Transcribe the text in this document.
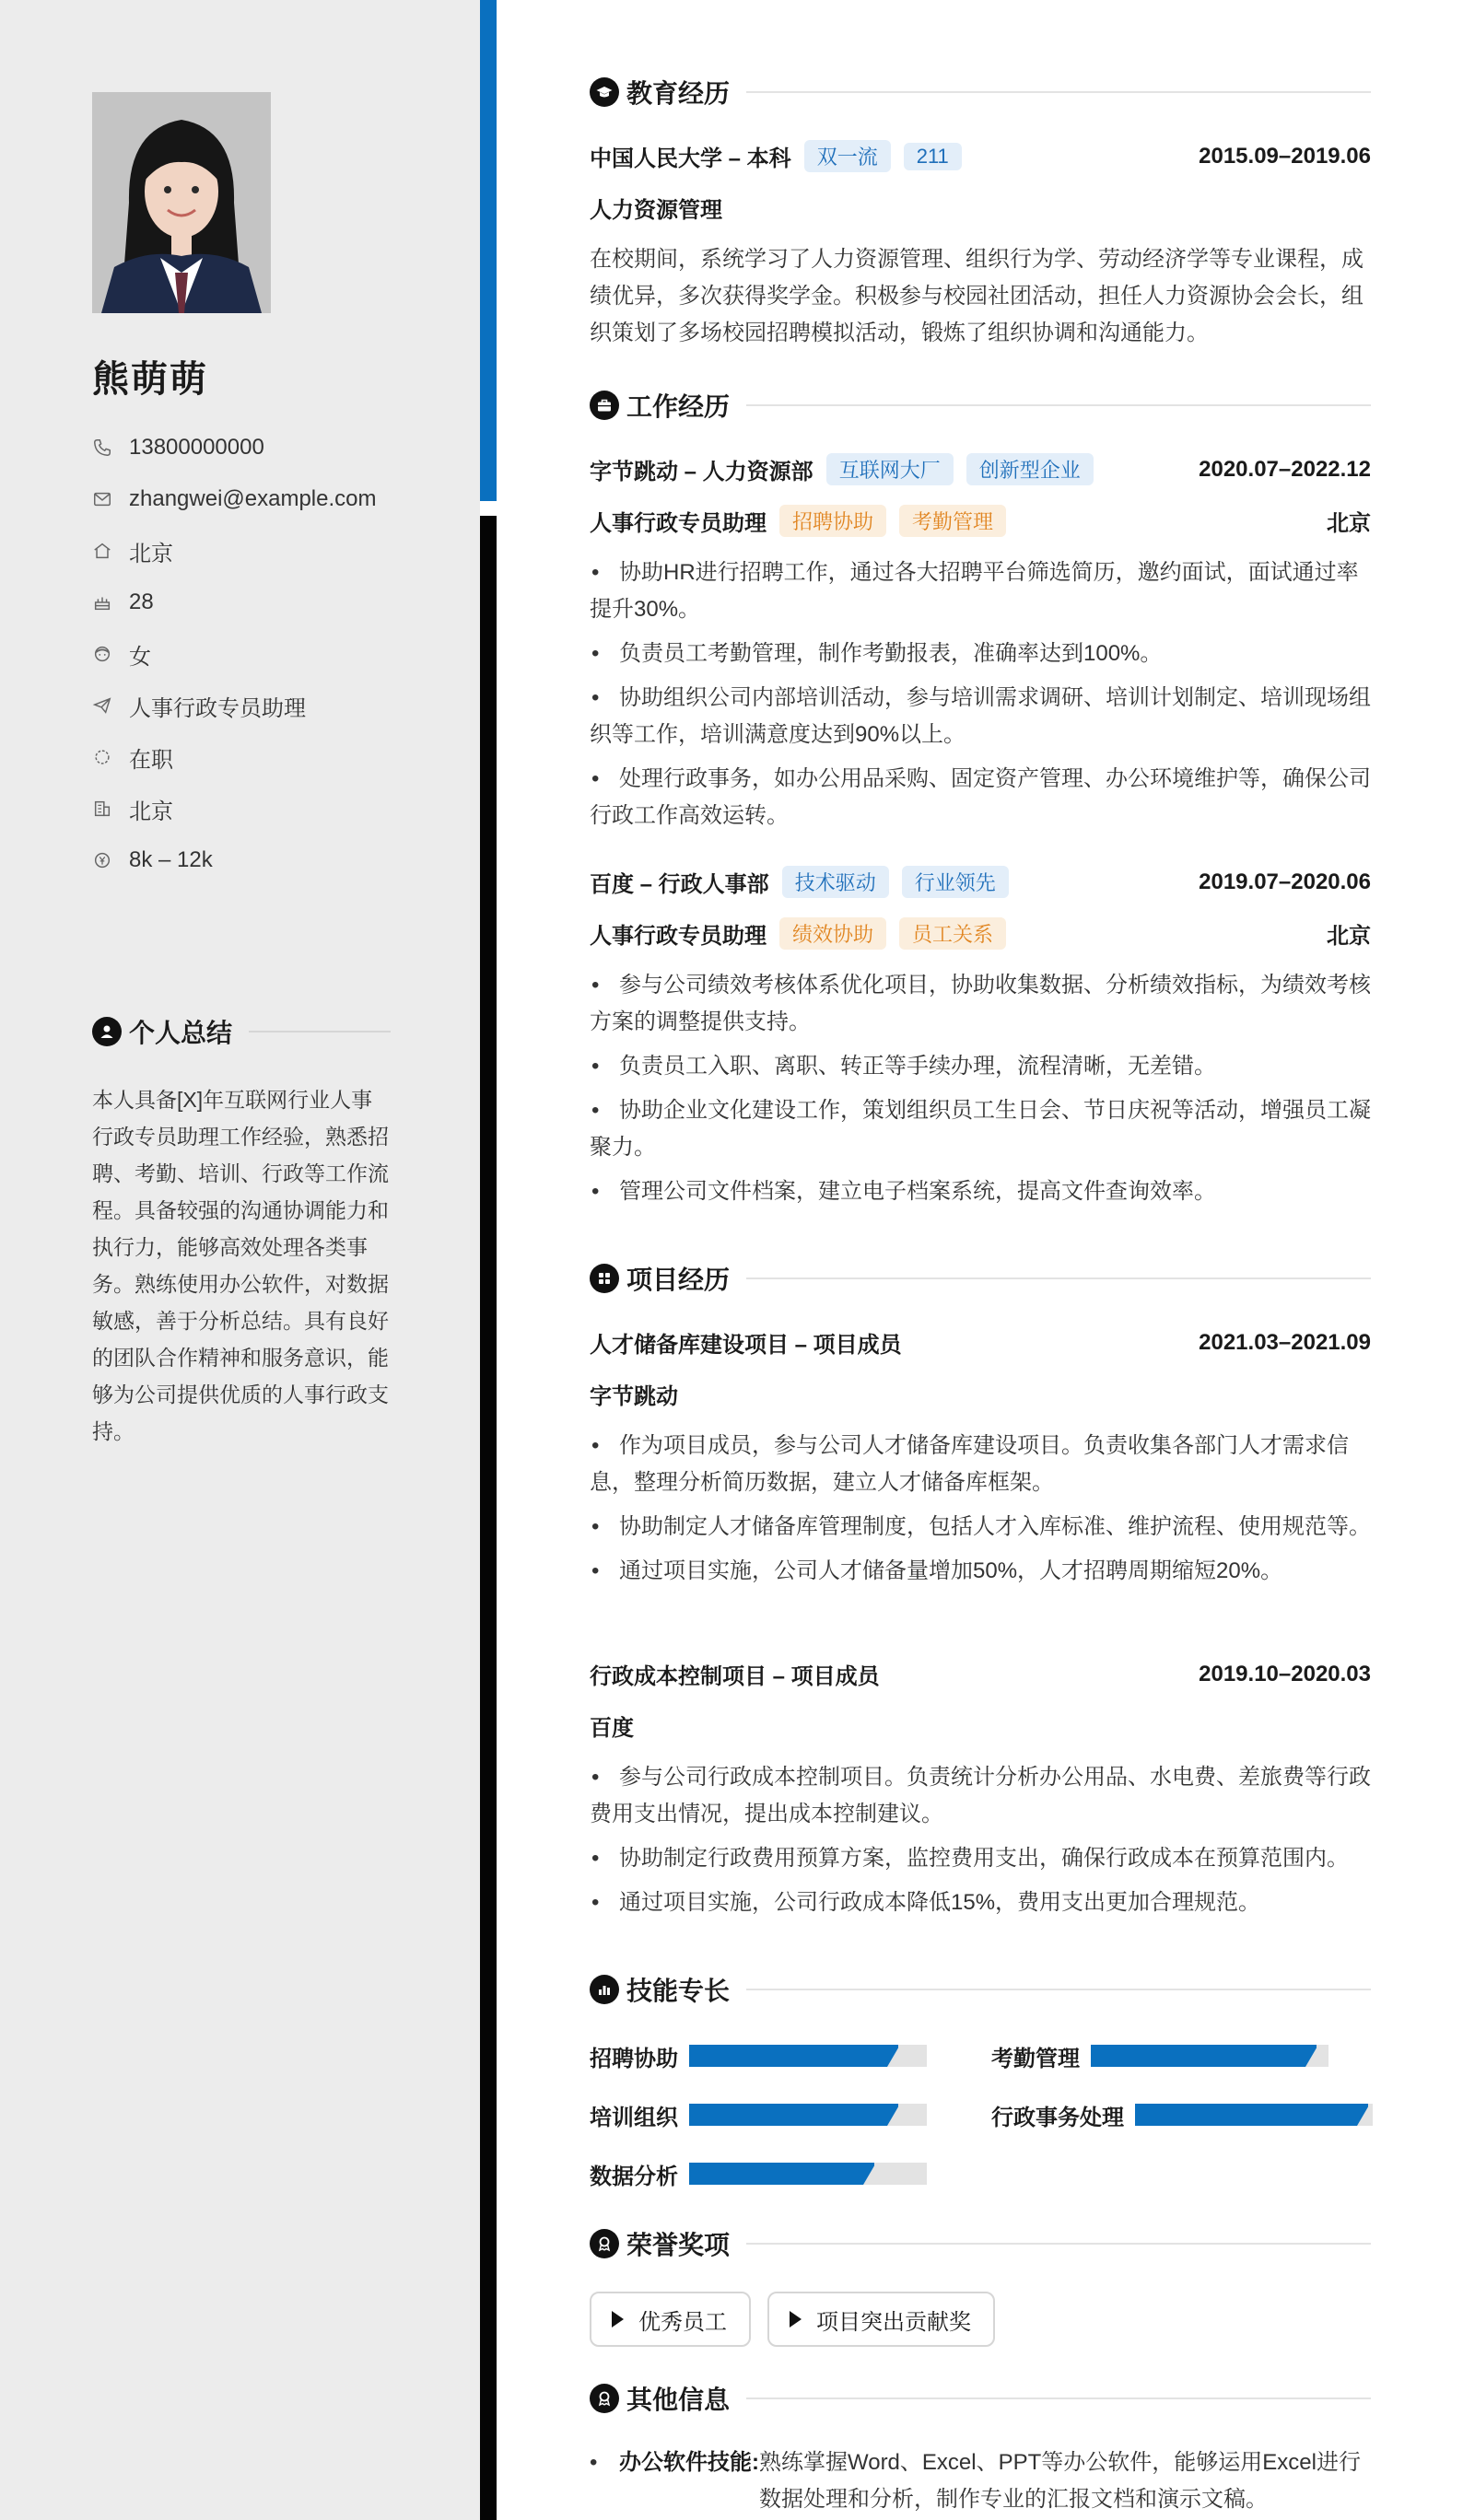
熊萌萌
13800000000
zhangwei@example.com
北京
28
女
人事行政专员助理
在职
北京
8k – 12k
个人总结
本人具备[X]年互联网行业人事行政专员助理工作经验，熟悉招聘、考勤、培训、行政等工作流程。具备较强的沟通协调能力和执行力，能够高效处理各类事务。熟练使用办公软件，对数据敏感，善于分析总结。具有良好的团队合作精神和服务意识，能够为公司提供优质的人事行政支持。
教育经历
中国人民大学 – 本科	双一流	211	2015.09–2019.06
人力资源管理
在校期间，系统学习了人力资源管理、组织行为学、劳动经济学等专业课程，成绩优异，多次获得奖学金。积极参与校园社团活动，担任人力资源协会会长，组织策划了多场校园招聘模拟活动，锻炼了组织协调和沟通能力。
工作经历
字节跳动 – 人力资源部	互联网大厂	创新型企业	2020.07–2022.12
人事行政专员助理	招聘协助	考勤管理	北京
• 协助HR进行招聘工作，通过各大招聘平台筛选简历，邀约面试，面试通过率提升30%。
• 负责员工考勤管理，制作考勤报表，准确率达到100%。
• 协助组织公司内部培训活动，参与培训需求调研、培训计划制定、培训现场组织等工作，培训满意度达到90%以上。
• 处理行政事务，如办公用品采购、固定资产管理、办公环境维护等，确保公司行政工作高效运转。
百度 – 行政人事部	技术驱动	行业领先	2019.07–2020.06
人事行政专员助理	绩效协助	员工关系	北京
• 参与公司绩效考核体系优化项目，协助收集数据、分析绩效指标，为绩效考核方案的调整提供支持。
• 负责员工入职、离职、转正等手续办理，流程清晰，无差错。
• 协助企业文化建设工作，策划组织员工生日会、节日庆祝等活动，增强员工凝聚力。
• 管理公司文件档案，建立电子档案系统，提高文件查询效率。
项目经历
人才储备库建设项目 – 项目成员	2021.03–2021.09
字节跳动
• 作为项目成员，参与公司人才储备库建设项目。负责收集各部门人才需求信息，整理分析简历数据，建立人才储备库框架。
• 协助制定人才储备库管理制度，包括人才入库标准、维护流程、使用规范等。
• 通过项目实施，公司人才储备量增加50%，人才招聘周期缩短20%。
行政成本控制项目 – 项目成员	2019.10–2020.03
百度
• 参与公司行政成本控制项目。负责统计分析办公用品、水电费、差旅费等行政费用支出情况，提出成本控制建议。
• 协助制定行政费用预算方案，监控费用支出，确保行政成本在预算范围内。
• 通过项目实施，公司行政成本降低15%，费用支出更加合理规范。
技能专长
招聘协助	考勤管理
培训组织	行政事务处理
数据分析
荣誉奖项
优秀员工	项目突出贡献奖
其他信息
• 办公软件技能: 熟练掌握Word、Excel、PPT等办公软件，能够运用Excel进行数据处理和分析，制作专业的汇报文档和演示文稿。
